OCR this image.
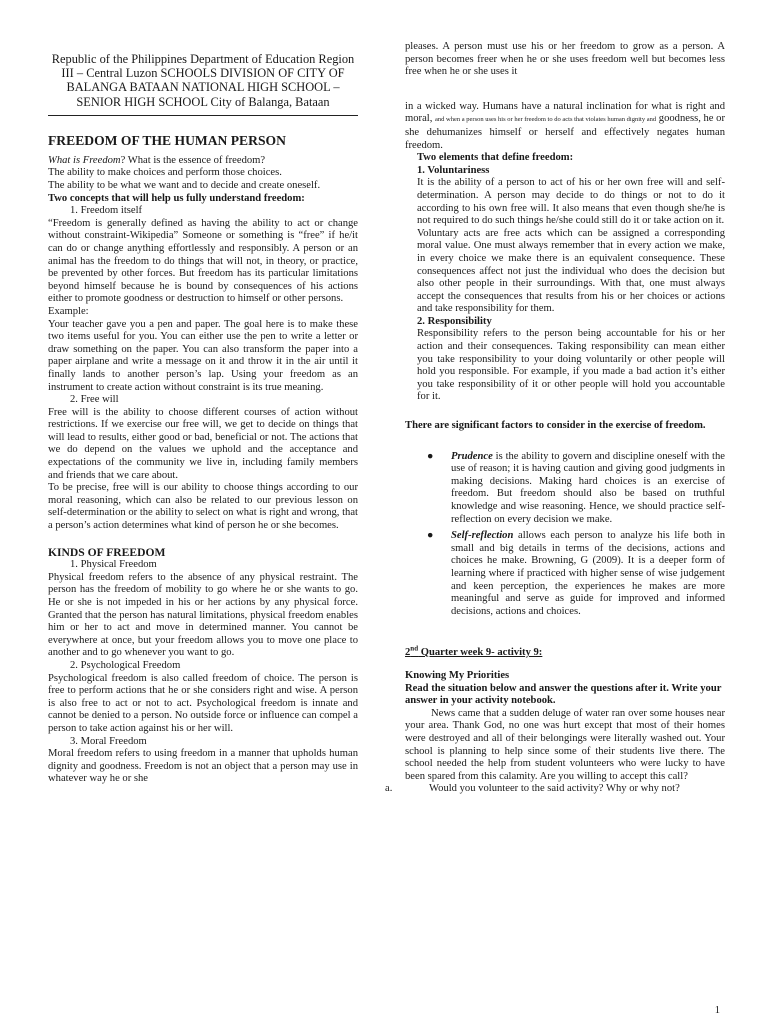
Republic of the Philippines Department of Education Region III – Central Luzon SCHOOLS DIVISION OF CITY OF BALANGA BATAAN NATIONAL HIGH SCHOOL – SENIOR HIGH SCHOOL City of Balanga, Bataan

FREEDOM OF THE HUMAN PERSON

What is Freedom? What is the essence of freedom?

The ability to make choices and perform those choices.

The ability to be what we want and to decide and create oneself.

Two concepts that will help us fully understand freedom:

1. Freedom itself

“Freedom is generally defined as having the ability to act or change without constraint-Wikipedia” Someone or something is “free” if he/it can do or change anything effortlessly and responsibly. A person or an animal has the freedom to do things that will not, in theory, or practice, be prevented by other forces. But freedom has its particular limitations beyond himself because he is bound by consequences of his actions either to promote goodness or destruction to himself or other persons.

Example:

Your teacher gave you a pen and paper. The goal here is to make these two items useful for you. You can either use the pen to write a letter or draw something on the paper. You can also transform the paper into a paper airplane and write a message on it and throw it in the air until it finally lands to another person’s lap. Using your freedom as an instrument to create action without constraint is its true meaning.

2. Free will

Free will is the ability to choose different courses of action without restrictions. If we exercise our free will, we get to decide on things that will lead to results, either good or bad, beneficial or not. The actions that we do depend on the values we uphold and the acceptance and expectations of the community we live in, including family members and friends that we care about.

To be precise, free will is our ability to choose things according to our moral reasoning, which can also be related to our previous lesson on self-determination or the ability to select on what is right and wrong, that a person’s action determines what kind of person he or she becomes.

KINDS OF FREEDOM

1. Physical Freedom

Physical freedom refers to the absence of any physical restraint. The person has the freedom of mobility to go where he or she wants to go. He or she is not impeded in his or her actions by any physical force. Granted that the person has natural limitations, physical freedom enables him or her to act and move in determined manner. You cannot be everywhere at once, but your freedom allows you to move one place to another and to go whenever you want to go.

2. Psychological Freedom

Psychological freedom is also called freedom of choice. The person is free to perform actions that he or she considers right and wise. A person is also free to act or not to act. Psychological freedom is innate and cannot be denied to a person. No outside force or influence can compel a person to take action against his or her will.

3. Moral Freedom

Moral freedom refers to using freedom in a manner that upholds human dignity and goodness. Freedom is not an object that a person may use in whatever way he or she

pleases. A person must use his or her freedom to grow as a person. A person becomes freer when he or she uses freedom well but becomes less free when he or she uses it

in a wicked way. Humans have a natural inclination for what is right and moral, and when a person uses his or her freedom to do acts that violates human dignity and goodness, he or she dehumanizes himself or herself and effectively negates human freedom.

Two elements that define freedom:

1. Voluntariness

It is the ability of a person to act of his or her own free will and self-determination. A person may decide to do things or not to do it according to his own free will. It also means that even though she/he is not required to do such things he/she could still do it or take action on it.

Voluntary acts are free acts which can be assigned a corresponding moral value. One must always remember that in every action we make, in every choice we make there is an equivalent consequence. These consequences affect not just the individual who does the decision but also other people in their surroundings. With that, one must always accept the consequences that results from his or her choices or actions and take responsibility for them.

2. Responsibility

Responsibility refers to the person being accountable for his or her action and their consequences. Taking responsibility can mean either you take responsibility to your doing voluntarily or other people will hold you responsible. For example, if you made a bad action it’s either you take responsibility of it or other people will hold you accountable for it.

There are significant factors to consider in the exercise of freedom.

● Prudence is the ability to govern and discipline oneself with the use of reason; it is having caution and giving good judgments in making decisions. Making hard choices is an exercise of freedom. But freedom should also be based on truthful knowledge and wise reasoning. Hence, we should practice self-reflection on every decision we make.

● Self-reflection allows each person to analyze his life both in small and big details in terms of the decisions, actions and choices he make. Browning, G (2009). It is a deeper form of learning where if practiced with higher sense of wise judgement and keen perception, the experiences he makes are more meaningful and serve as guide for improved and informed decisions, actions and choices.

2nd Quarter week 9- activity 9:

Knowing My Priorities

Read the situation below and answer the questions after it. Write your answer in your activity notebook.

News came that a sudden deluge of water ran over some houses near your area. Thank God, no one was hurt except that most of their homes were destroyed and all of their belongings were literally washed out. Your school is planning to help since some of their students live there. The school needed the help from student volunteers who were lucky to have been spared from this calamity. Are you willing to accept this call?

a.	Would you volunteer to the said activity? Why or why not?

1
